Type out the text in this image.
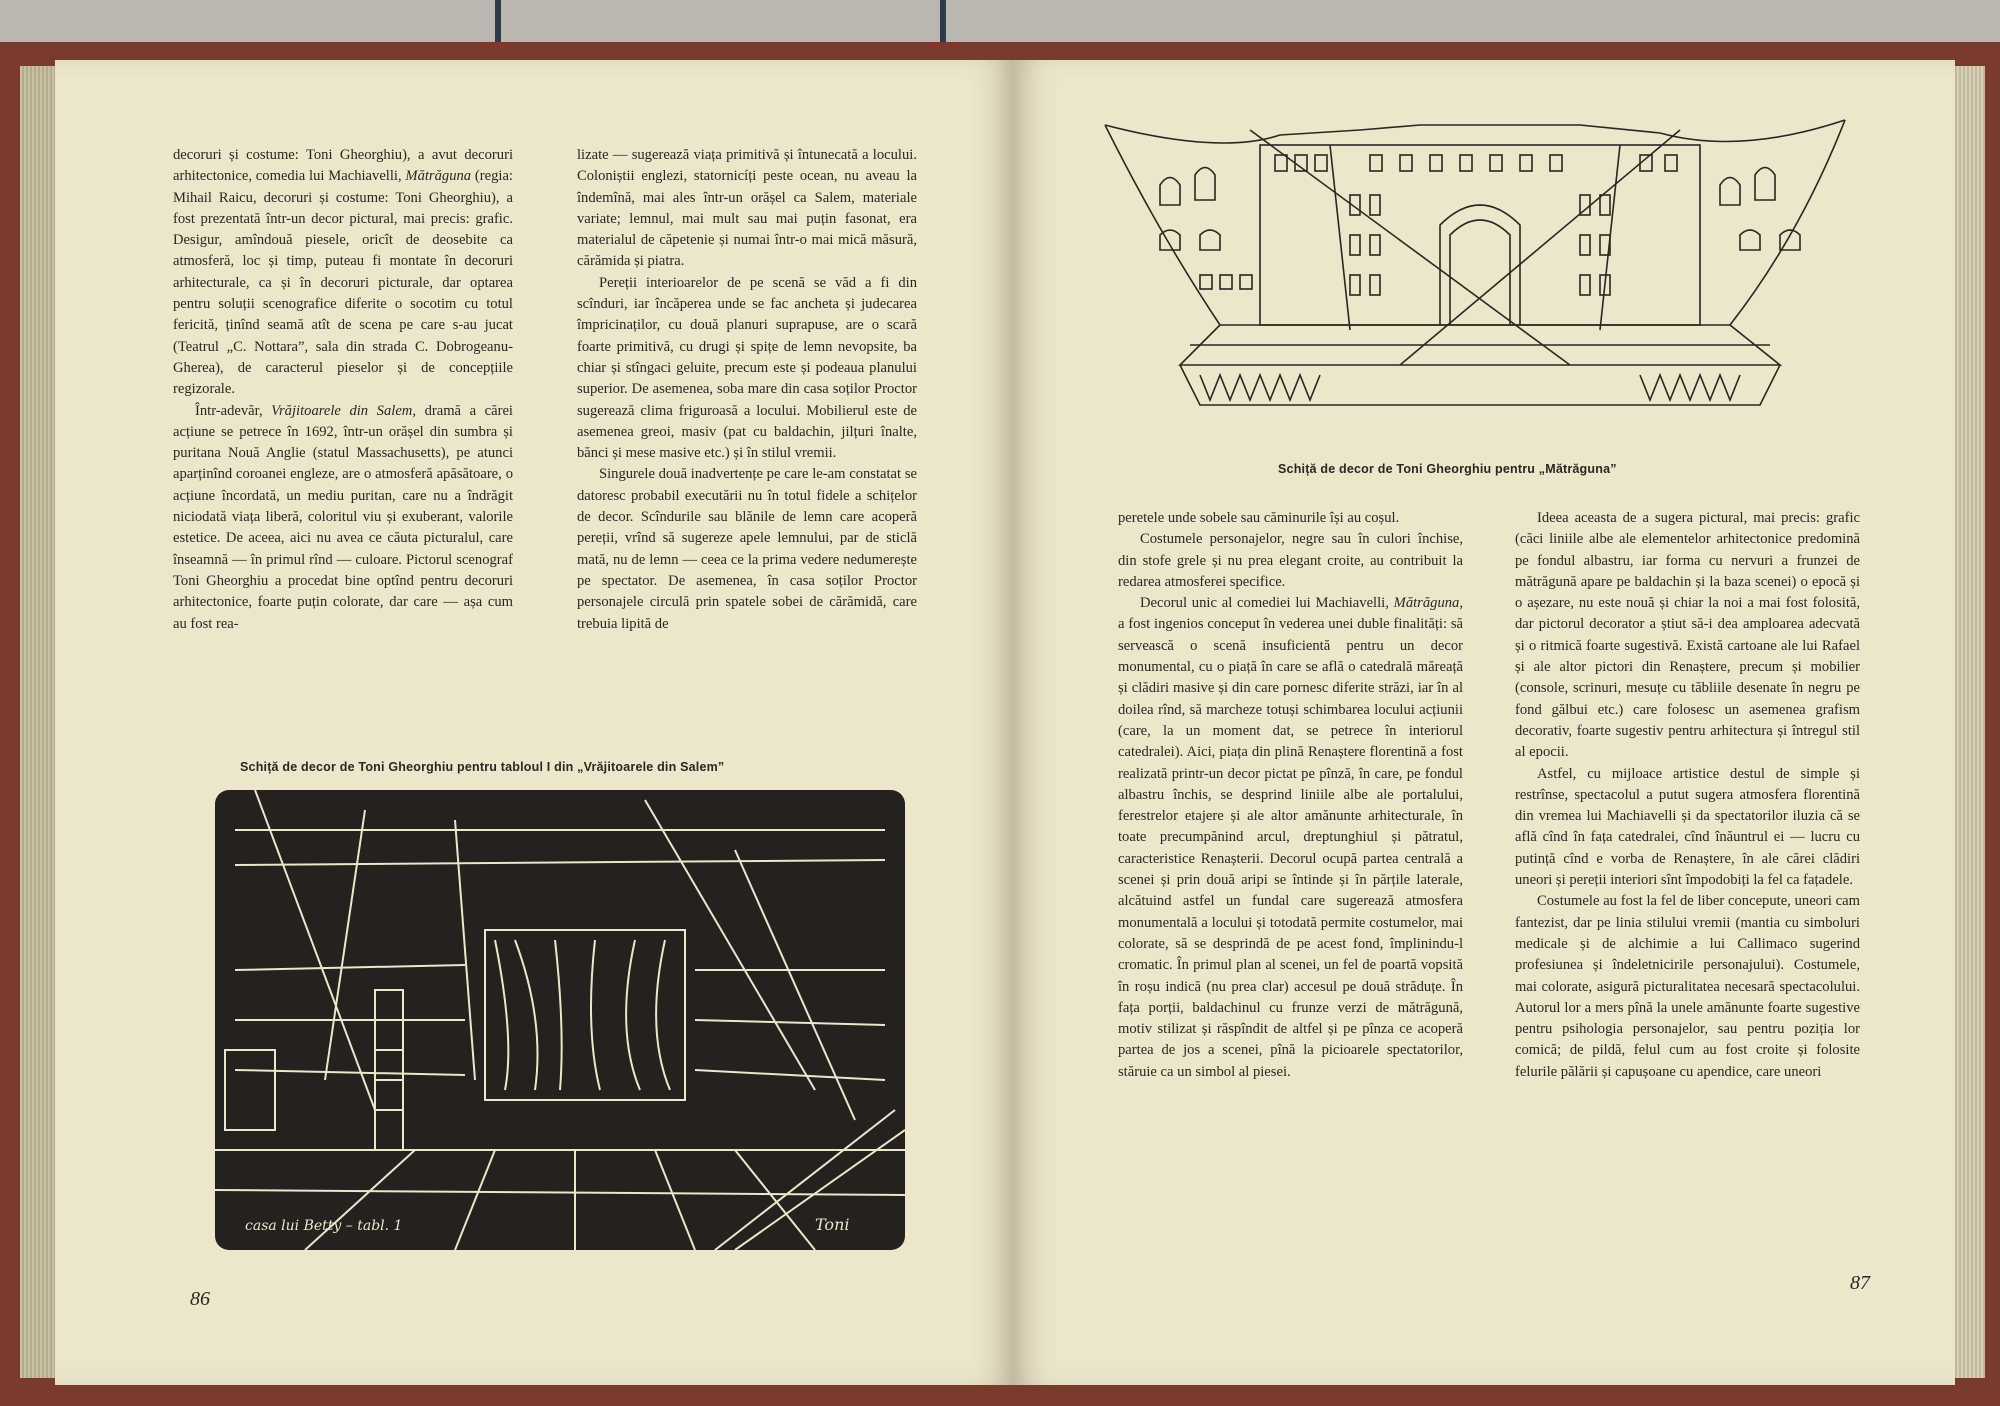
decoruri și costume: Toni Gheorghiu), a avut decoruri arhitectonice, comedia lui Machiavelli, Mătrăguna (regia: Mihail Raicu, decoruri și costume: Toni Gheorghiu), a fost prezentată într-un decor pictural, mai precis: grafic. Desigur, amîndouă piesele, oricît de deosebite ca atmosferă, loc și timp, puteau fi montate în decoruri arhitecturale, ca și în decoruri picturale, dar optarea pentru soluții scenografice diferite o socotim cu totul fericită, ținînd seamă atît de scena pe care s-au jucat (Teatrul „C. Nottara”, sala din strada C. Dobrogeanu-Gherea), de caracterul pieselor și de concepțiile regizorale.

Într-adevăr, Vrăjitoarele din Salem, dramă a cărei acțiune se petrece în 1692, într-un orășel din sumbra și puritana Nouă Anglie (statul Massachusetts), pe atunci aparținînd coroanei engleze, are o atmosferă apăsătoare, o acțiune încordată, un mediu puritan, care nu a îndrăgit niciodată viața liberă, coloritul viu și exuberant, valorile estetice. De aceea, aici nu avea ce căuta picturalul, care înseamnă — în primul rînd — culoare. Pictorul scenograf Toni Gheorghiu a procedat bine optînd pentru decoruri arhitectonice, foarte puțin colorate, dar care — așa cum au fost rea-

lizate — sugerează viața primitivă și întunecată a locului. Coloniștii englezi, statornicíți peste ocean, nu aveau la îndemînă, mai ales într-un orășel ca Salem, materiale variate; lemnul, mai mult sau mai puțin fasonat, era materialul de căpetenie și numai într-o mai mică măsură, cărămida și piatra.

Pereții interioarelor de pe scenă se văd a fi din scînduri, iar încăperea unde se fac ancheta și judecarea împricinaților, cu două planuri suprapuse, are o scară foarte primitivă, cu drugi și spițe de lemn nevopsite, ba chiar și stîngaci geluite, precum este și podeaua planului superior. De asemenea, soba mare din casa soților Proctor sugerează clima friguroasă a locului. Mobilierul este de asemenea greoi, masiv (pat cu baldachin, jilțuri înalte, bănci și mese masive etc.) și în stilul vremii.

Singurele două inadvertențe pe care le-am constatat se datoresc probabil executării nu în totul fidele a schițelor de decor. Scîndurile sau blănile de lemn care acoperă pereții, vrînd să sugereze apele lemnului, par de sticlă mată, nu de lemn — ceea ce la prima vedere nedumerește pe spectator. De asemenea, în casa soților Proctor personajele circulă prin spatele sobei de cărămidă, care trebuia lipită de

Schiță de decor de Toni Gheorghiu pentru tabloul I din „Vrăjitoarele din Salem”
86
casa lui Betty – tabl. 1	Toni
Schiță de decor de Toni Gheorghiu pentru „Mătrăguna”

peretele unde sobele sau căminurile își au coșul.

Costumele personajelor, negre sau în culori închise, din stofe grele și nu prea elegant croite, au contribuit la redarea atmosferei specifice.

Decorul unic al comediei lui Machiavelli, Mătrăguna, a fost ingenios conceput în vederea unei duble finalități: să servească o scenă insuficientă pentru un decor monumental, cu o piață în care se află o catedrală măreață și clădiri masive și din care pornesc diferite străzi, iar în al doilea rînd, să marcheze totuși schimbarea locului acțiunii (care, la un moment dat, se petrece în interiorul catedralei). Aici, piața din plină Renaștere florentină a fost realizată printr-un decor pictat pe pînză, în care, pe fondul albastru închis, se desprind liniile albe ale portalului, ferestrelor etajere și ale altor amănunte arhitecturale, în toate precumpănind arcul, dreptunghiul și pătratul, caracteristice Renașterii. Decorul ocupă partea centrală a scenei și prin două aripi se întinde și în părțile laterale, alcătuind astfel un fundal care sugerează atmosfera monumentală a locului și totodată permite costumelor, mai colorate, să se desprindă de pe acest fond, împlinindu-l cromatic. În primul plan al scenei, un fel de poartă vopsită în roșu indică (nu prea clar) accesul pe două străduțe. În fața porții, baldachinul cu frunze verzi de mătrăgună, motiv stilizat și răspîndit de altfel și pe pînza ce acoperă partea de jos a scenei, pînă la picioarele spectatorilor, stăruie ca un simbol al piesei.

Ideea aceasta de a sugera pictural, mai precis: grafic (căci liniile albe ale elementelor arhitectonice predomină pe fondul albastru, iar forma cu nervuri a frunzei de mătrăgună apare pe baldachin și la baza scenei) o epocă și o așezare, nu este nouă și chiar la noi a mai fost folosită, dar pictorul decorator a știut să-i dea amploarea adecvată și o ritmică foarte sugestivă. Există cartoane ale lui Rafael și ale altor pictori din Renaștere, precum și mobilier (console, scrinuri, mesuțe cu tăbliile desenate în negru pe fond gălbui etc.) care folosesc un asemenea grafism decorativ, foarte sugestiv pentru arhitectura și întregul stil al epocii.

Astfel, cu mijloace artistice destul de simple și restrînse, spectacolul a putut sugera atmosfera florentină din vremea lui Machiavelli și da spectatorilor iluzia că se află cînd în fața catedralei, cînd înăuntrul ei — lucru cu putință cînd e vorba de Renaștere, în ale cărei clădiri uneori și pereții interiori sînt împodobiți la fel ca fațadele.

Costumele au fost la fel de liber concepute, uneori cam fantezist, dar pe linia stilului vremii (mantia cu simboluri medicale și de alchimie a lui Callimaco sugerind profesiunea și îndeletnicirile personajului). Costumele, mai colorate, asigură picturalitatea necesară spectacolului. Autorul lor a mers pînă la unele amănunte foarte sugestive pentru psihologia personajelor, sau pentru poziția lor comică; de pildă, felul cum au fost croite și folosite felurile pălării și capușoane cu apendice, care uneori

87
